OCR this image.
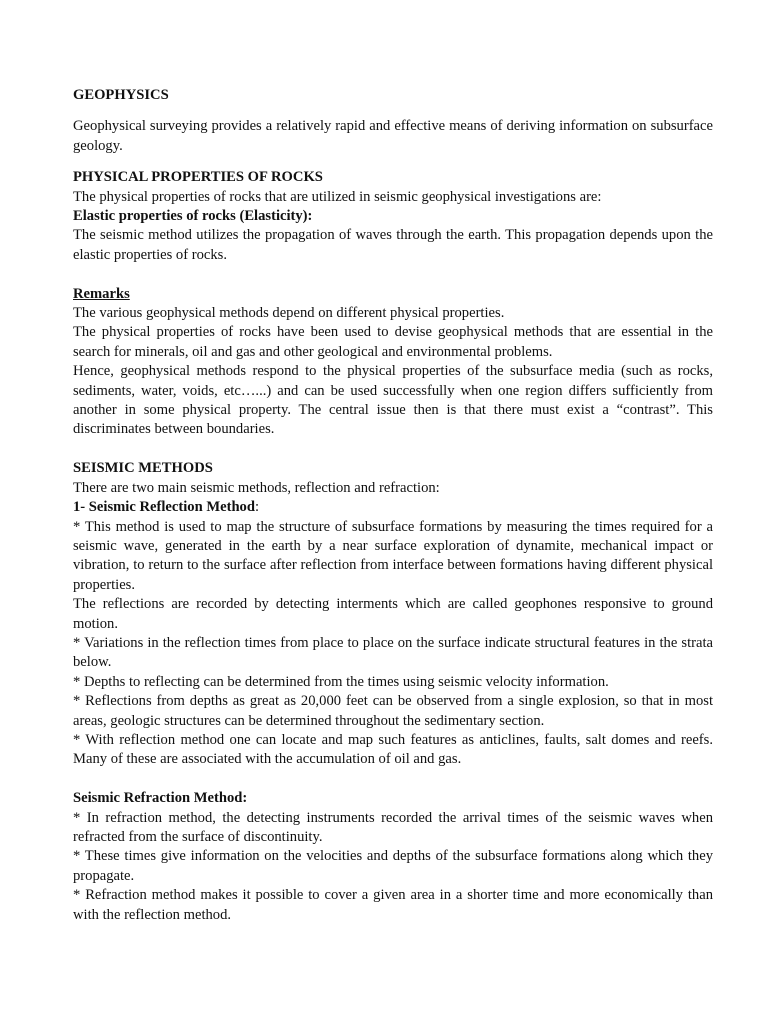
GEOPHYSICS

Geophysical surveying provides a relatively rapid and effective means of deriving information on subsurface geology.

PHYSICAL PROPERTIES OF ROCKS

The physical properties of rocks that are utilized in seismic geophysical investigations are:

Elastic properties of rocks (Elasticity):

The seismic method utilizes the propagation of waves through the earth. This propagation depends upon the elastic properties of rocks.

Remarks

The various geophysical methods depend on different physical properties.

The physical properties of rocks have been used to devise geophysical methods that are essential in the search for minerals, oil and gas and other geological and environmental problems.

Hence, geophysical methods respond to the physical properties of the subsurface media (such as rocks, sediments, water, voids, etc…...) and can be used successfully when one region differs sufficiently from another in some physical property. The central issue then is that there must exist a “contrast”. This discriminates between boundaries.

SEISMIC METHODS

There are two main seismic methods, reflection and refraction:

1- Seismic Reflection Method:

* This method is used to map the structure of subsurface formations by measuring the times required for a seismic wave, generated in the earth by a near surface exploration of dynamite, mechanical impact or vibration, to return to the surface after reflection from interface between formations having different physical properties.

The reflections are recorded by detecting interments which are called geophones responsive to ground motion.

* Variations in the reflection times from place to place on the surface indicate structural features in the strata below.

* Depths to reflecting can be determined from the times using seismic velocity information.

* Reflections from depths as great as 20,000 feet can be observed from a single explosion, so that in most areas, geologic structures can be determined throughout the sedimentary section.

* With reflection method one can locate and map such features as anticlines, faults, salt domes and reefs. Many of these are associated with the accumulation of oil and gas.

Seismic Refraction Method:

* In refraction method, the detecting instruments recorded the arrival times of the seismic waves when refracted from the surface of discontinuity.

* These times give information on the velocities and depths of the subsurface formations along which they propagate.

* Refraction method makes it possible to cover a given area in a shorter time and more economically than with the reflection method.
